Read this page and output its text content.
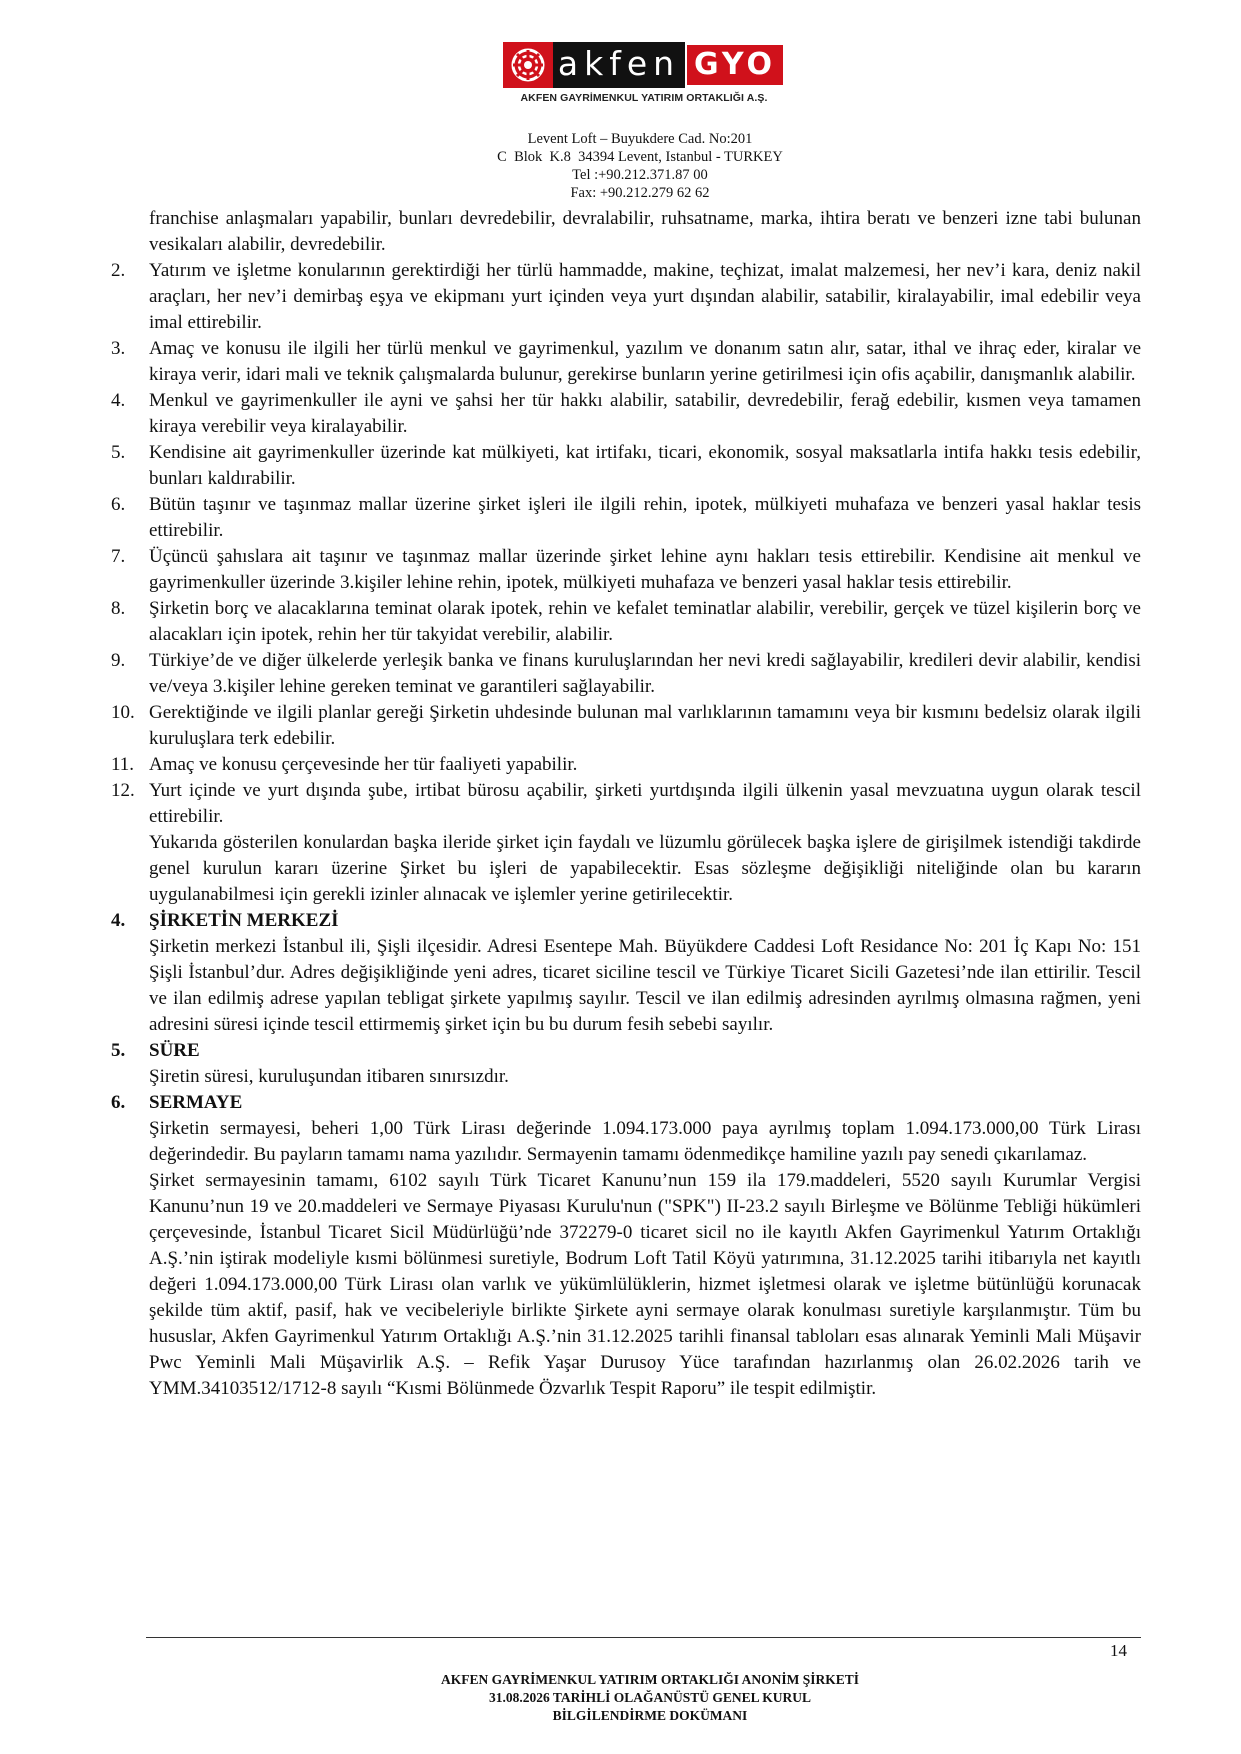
akfen GYO
AKFEN GAYRİMENKUL YATIRIM ORTAKLIĞI A.Ş.
Levent Loft – Buyukdere Cad. No:201
C  Blok  K.8  34394 Levent, Istanbul - TURKEY
Tel :+90.212.371.87 00
Fax: +90.212.279 62 62
franchise anlaşmaları yapabilir, bunları devredebilir, devralabilir, ruhsatname, marka, ihtira beratı ve benzeri izne tabi bulunan vesikaları alabilir, devredebilir.
2.	Yatırım ve işletme konularının gerektirdiği her türlü hammadde, makine, teçhizat, imalat malzemesi, her nev’i kara, deniz nakil araçları, her nev’i demirbaş eşya ve ekipmanı yurt içinden veya yurt dışından alabilir, satabilir, kiralayabilir, imal edebilir veya imal ettirebilir.
3.	Amaç ve konusu ile ilgili her türlü menkul ve gayrimenkul, yazılım ve donanım satın alır, satar, ithal ve ihraç eder, kiralar ve kiraya verir, idari mali ve teknik çalışmalarda bulunur, gerekirse bunların yerine getirilmesi için ofis açabilir, danışmanlık alabilir.
4.	Menkul ve gayrimenkuller ile ayni ve şahsi her tür hakkı alabilir, satabilir, devredebilir, ferağ edebilir, kısmen veya tamamen kiraya verebilir veya kiralayabilir.
5.	Kendisine ait gayrimenkuller üzerinde kat mülkiyeti, kat irtifakı, ticari, ekonomik, sosyal maksatlarla intifa hakkı tesis edebilir, bunları kaldırabilir.
6.	Bütün taşınır ve taşınmaz mallar üzerine şirket işleri ile ilgili rehin, ipotek, mülkiyeti muhafaza ve benzeri yasal haklar tesis ettirebilir.
7.	Üçüncü şahıslara ait taşınır ve taşınmaz mallar üzerinde şirket lehine aynı hakları tesis ettirebilir. Kendisine ait menkul ve gayrimenkuller üzerinde 3.kişiler lehine rehin, ipotek, mülkiyeti muhafaza ve benzeri yasal haklar tesis ettirebilir.
8.	Şirketin borç ve alacaklarına teminat olarak ipotek, rehin ve kefalet teminatlar alabilir, verebilir, gerçek ve tüzel kişilerin borç ve alacakları için ipotek, rehin her tür takyidat verebilir, alabilir.
9.	Türkiye’de ve diğer ülkelerde yerleşik banka ve finans kuruluşlarından her nevi kredi sağlayabilir, kredileri devir alabilir, kendisi ve/veya 3.kişiler lehine gereken teminat ve garantileri sağlayabilir.
10. Gerektiğinde ve ilgili planlar gereği Şirketin uhdesinde bulunan mal varlıklarının tamamını veya bir kısmını bedelsiz olarak ilgili kuruluşlara terk edebilir.
11. Amaç ve konusu çerçevesinde her tür faaliyeti yapabilir.
12. Yurt içinde ve yurt dışında şube, irtibat bürosu açabilir, şirketi yurtdışında ilgili ülkenin yasal mevzuatına uygun olarak tescil ettirebilir.
Yukarıda gösterilen konulardan başka ileride şirket için faydalı ve lüzumlu görülecek başka işlere de girişilmek istendiği takdirde genel kurulun kararı üzerine Şirket bu işleri de yapabilecektir. Esas sözleşme değişikliği niteliğinde olan bu kararın uygulanabilmesi için gerekli izinler alınacak ve işlemler yerine getirilecektir.
4.	ŞİRKETİN MERKEZİ
Şirketin merkezi İstanbul ili, Şişli ilçesidir. Adresi Esentepe Mah. Büyükdere Caddesi Loft Residance No: 201 İç Kapı No: 151 Şişli İstanbul’dur. Adres değişikliğinde yeni adres, ticaret siciline tescil ve Türkiye Ticaret Sicili Gazetesi’nde ilan ettirilir. Tescil ve ilan edilmiş adrese yapılan tebligat şirkete yapılmış sayılır. Tescil ve ilan edilmiş adresinden ayrılmış olmasına rağmen, yeni adresini süresi içinde tescil ettirmemiş şirket için bu bu durum fesih sebebi sayılır.
5.	SÜRE
Şiretin süresi, kuruluşundan itibaren sınırsızdır.
6.	SERMAYE
Şirketin sermayesi, beheri 1,00 Türk Lirası değerinde 1.094.173.000 paya ayrılmış toplam 1.094.173.000,00 Türk Lirası değerindedir. Bu payların tamamı nama yazılıdır. Sermayenin tamamı ödenmedikçe hamiline yazılı pay senedi çıkarılamaz.
Şirket sermayesinin tamamı, 6102 sayılı Türk Ticaret Kanunu’nun 159 ila 179.maddeleri, 5520 sayılı Kurumlar Vergisi Kanunu’nun 19 ve 20.maddeleri ve Sermaye Piyasası Kurulu'nun ("SPK") II-23.2 sayılı Birleşme ve Bölünme Tebliği hükümleri çerçevesinde, İstanbul Ticaret Sicil Müdürlüğü’nde 372279-0 ticaret sicil no ile kayıtlı Akfen Gayrimenkul Yatırım Ortaklığı A.Ş.’nin iştirak modeliyle kısmi bölünmesi suretiyle, Bodrum Loft Tatil Köyü yatırımına, 31.12.2025 tarihi itibarıyla net kayıtlı değeri 1.094.173.000,00 Türk Lirası olan varlık ve yükümlülüklerin, hizmet işletmesi olarak ve işletme bütünlüğü korunacak şekilde tüm aktif, pasif, hak ve vecibeleriyle birlikte Şirkete ayni sermaye olarak konulması suretiyle karşılanmıştır. Tüm bu hususlar, Akfen Gayrimenkul Yatırım Ortaklığı A.Ş.’nin 31.12.2025 tarihli finansal tabloları esas alınarak Yeminli Mali Müşavir Pwc Yeminli Mali Müşavirlik A.Ş. – Refik Yaşar Durusoy Yüce tarafından hazırlanmış olan 26.02.2026 tarih ve YMM.34103512/1712-8 sayılı “Kısmi Bölünmede Özvarlık Tespit Raporu” ile tespit edilmiştir.
14
AKFEN GAYRİMENKUL YATIRIM ORTAKLIĞI ANONİM ŞİRKETİ
31.08.2026 TARİHLİ OLAĞANÜSTÜ GENEL KURUL
BİLGİLENDİRME DOKÜMANI
